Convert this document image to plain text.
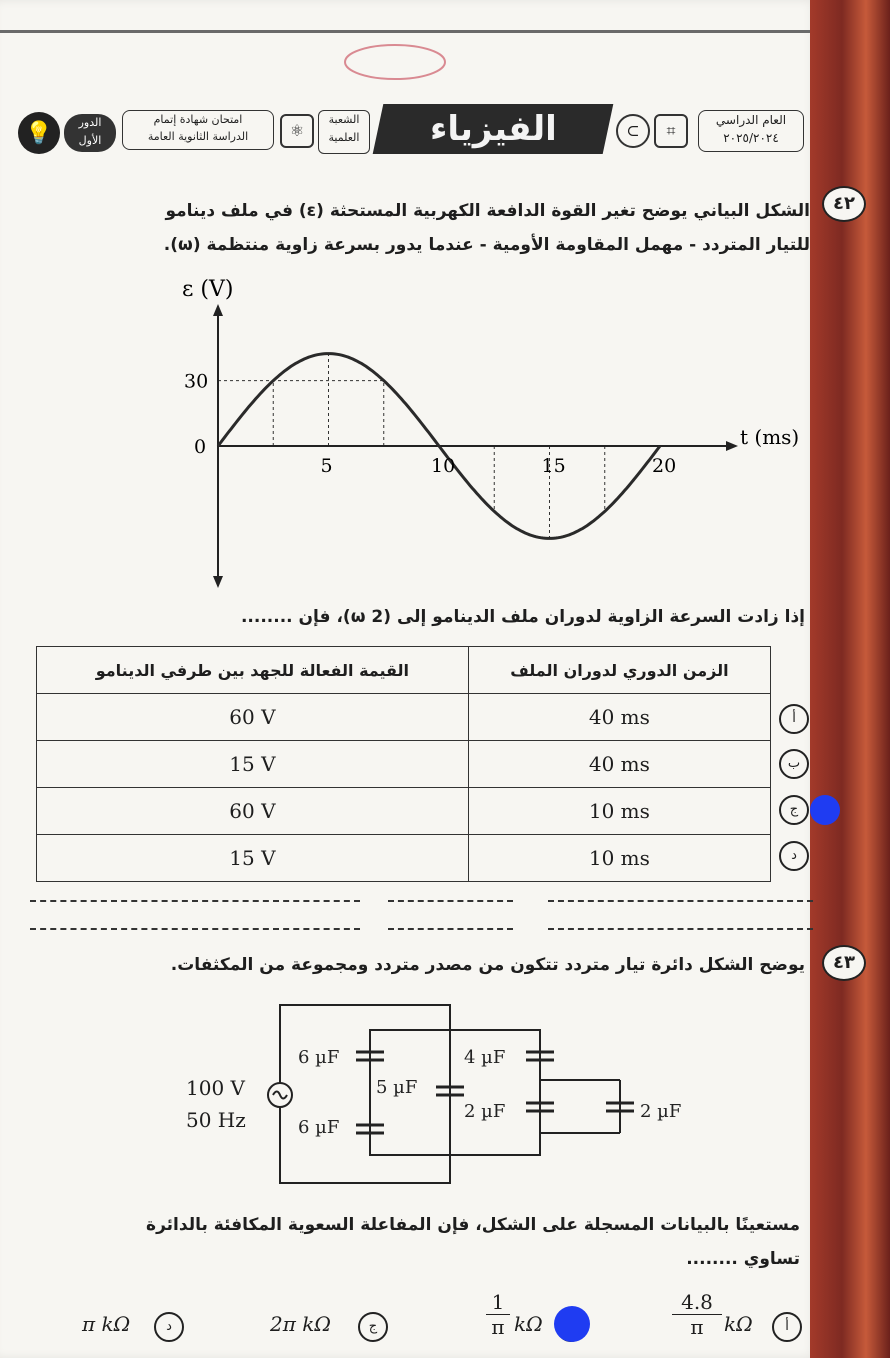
💡	الدور
الأول
امتحان شهادة إتمام
الدراسة الثانوية العامة	⚛
الشعبة
العلمية	الفيزياء	⊂	⌗
العام الدراسي
٢٠٢٥/٢٠٢٤
٤٢
الشكل البياني يوضح تغير القوة الدافعة الكهربية المستحثة (ε) في ملف دينامو
للتيار المتردد - مهمل المقاومة الأومية - عندما يدور بسرعة زاوية منتظمة (ω).
5	10	15	20
0
30
ε (V)
t (ms)
إذا زادت السرعة الزاوية لدوران ملف الدينامو إلى (2 ω)، فإن ........
القيمة الفعالة للجهد بين طرفي الدينامو	الزمن الدوري لدوران الملف
60 V	40 ms
15 V	40 ms
60 V	10 ms
15 V	10 ms
أ
ب
ج
د
٤٣
يوضح الشكل دائرة تيار متردد تتكون من مصدر متردد ومجموعة من المكثفات.
6 µF
6 µF
5 µF
4 µF
2 µF	2 µF
100 V
50 Hz
مستعينًا بالبيانات المسجلة على الشكل، فإن المفاعلة السعوية المكافئة بالدائرة
تساوي ........
أ
$\frac{4.8}{\pi}$ kΩ
$\frac{1}{\pi}$ kΩ
2π kΩ	ج
π kΩ	د
